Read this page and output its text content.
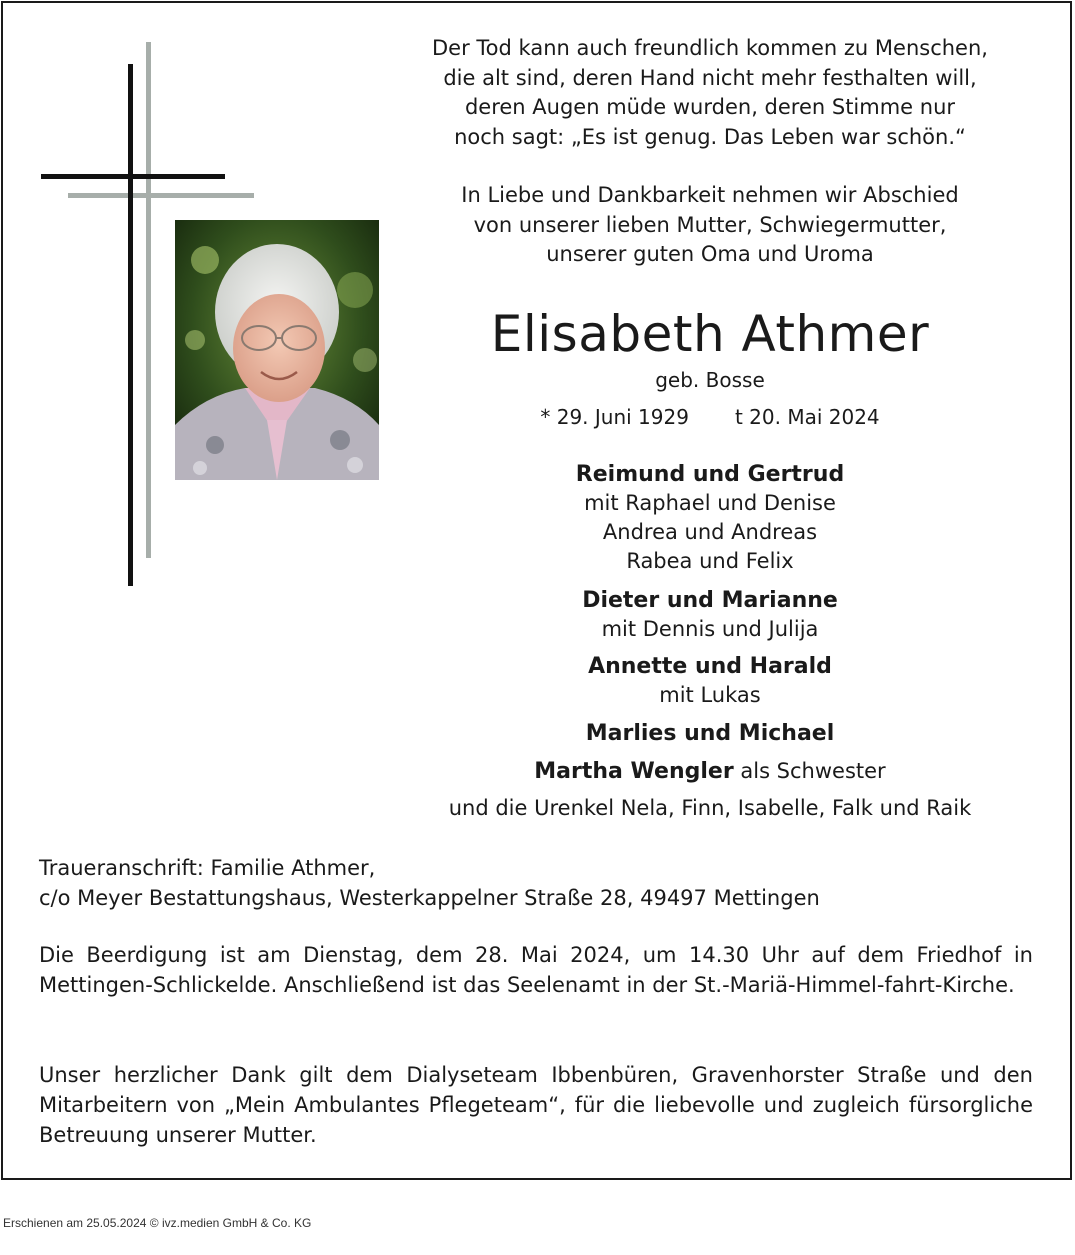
Der Tod kann auch freundlich kommen zu Menschen,
die alt sind, deren Hand nicht mehr festhalten will,
deren Augen müde wurden, deren Stimme nur
noch sagt: „Es ist genug. Das Leben war schön.“
In Liebe und Dankbarkeit nehmen wir Abschied
von unserer lieben Mutter, Schwiegermutter,
unserer guten Oma und Uroma
Elisabeth Athmer
geb. Bosse
* 29. Juni 1929 t 20. Mai 2024
Reimund und Gertrud
mit Raphael und Denise
Andrea und Andreas
Rabea und Felix
Dieter und Marianne
mit Dennis und Julija
Annette und Harald
mit Lukas
Marlies und Michael
Martha Wengler als Schwester
und die Urenkel Nela, Finn, Isabelle, Falk und Raik
Traueranschrift: Familie Athmer,
c/o Meyer Bestattungshaus, Westerkappelner Straße 28, 49497 Mettingen
Die Beerdigung ist am Dienstag, dem 28. Mai 2024, um 14.30 Uhr auf dem Friedhof in Mettingen-Schlickelde. Anschließend ist das Seelenamt in der St.-Mariä-Himmel-fahrt-Kirche.
Unser herzlicher Dank gilt dem Dialyseteam Ibbenbüren, Gravenhorster Straße und den Mitarbeitern von „Mein Ambulantes Pflegeteam“, für die liebevolle und zugleich fürsorgliche Betreuung unserer Mutter.
Erschienen am 25.05.2024 © ivz.medien GmbH & Co. KG
